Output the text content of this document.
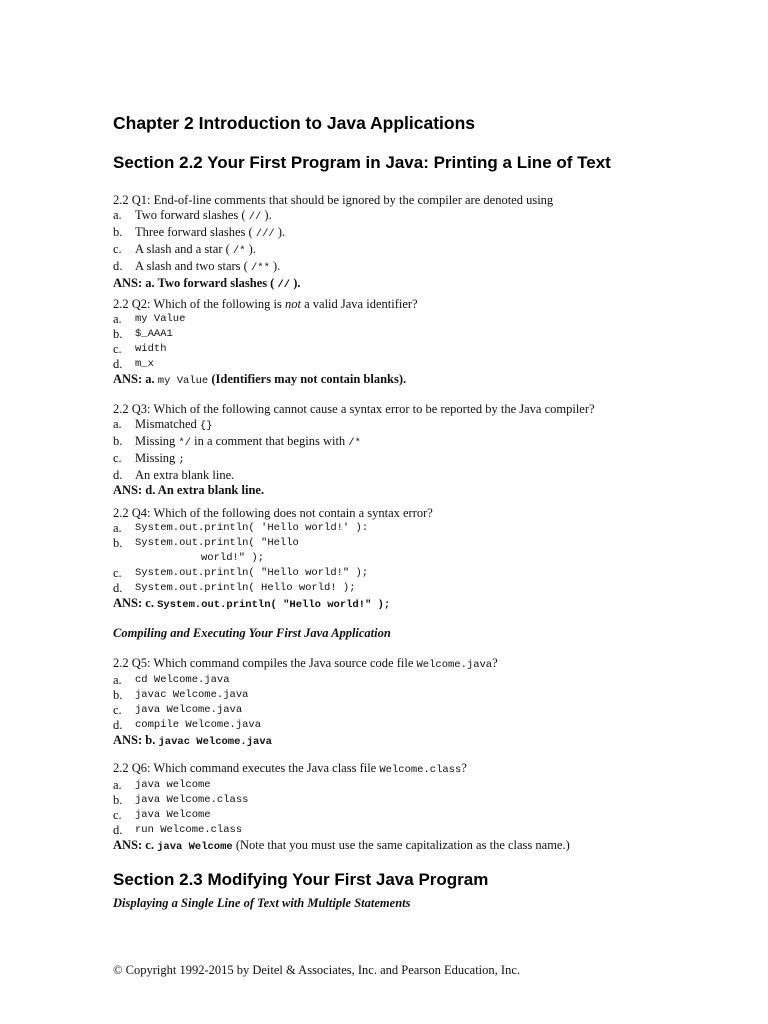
Chapter 2 Introduction to Java Applications
Section 2.2 Your First Program in Java: Printing a Line of Text

2.2 Q1: End-of-line comments that should be ignored by the compiler are denoted using

a.	Two forward slashes ( // ).
b.	Three forward slashes ( /// ).
c.	A slash and a star ( /* ).
d.	A slash and two stars ( /** ).

ANS: a. Two forward slashes ( // ).

2.2 Q2: Which of the following is not a valid Java identifier?

a.	my Value
b.	$_AAA1
c.	width
d.	m_x

ANS: a. my Value (Identifiers may not contain blanks).

2.2 Q3: Which of the following cannot cause a syntax error to be reported by the Java compiler?

a.	Mismatched {}
b.	Missing */ in a comment that begins with /*
c.	Missing ;
d.	An extra blank line.

ANS: d. An extra blank line.

2.2 Q4: Which of the following does not contain a syntax error?

a.	System.out.println( 'Hello world!' ):
b.	System.out.println( "Hello
world!" );
c.	System.out.println( "Hello world!" );
d.	System.out.println( Hello world! );

ANS: c. System.out.println( "Hello world!" );

Compiling and Executing Your First Java Application

2.2 Q5: Which command compiles the Java source code file Welcome.java?

a.	cd Welcome.java
b.	javac Welcome.java
c.	java Welcome.java
d.	compile Welcome.java

ANS: b. javac Welcome.java

2.2 Q6: Which command executes the Java class file Welcome.class?

a.	java welcome
b.	java Welcome.class
c.	java Welcome
d.	run Welcome.class

ANS: c. java Welcome (Note that you must use the same capitalization as the class name.)

Section 2.3 Modifying Your First Java Program
Displaying a Single Line of Text with Multiple Statements
© Copyright 1992-2015 by Deitel & Associates, Inc. and Pearson Education, Inc.
